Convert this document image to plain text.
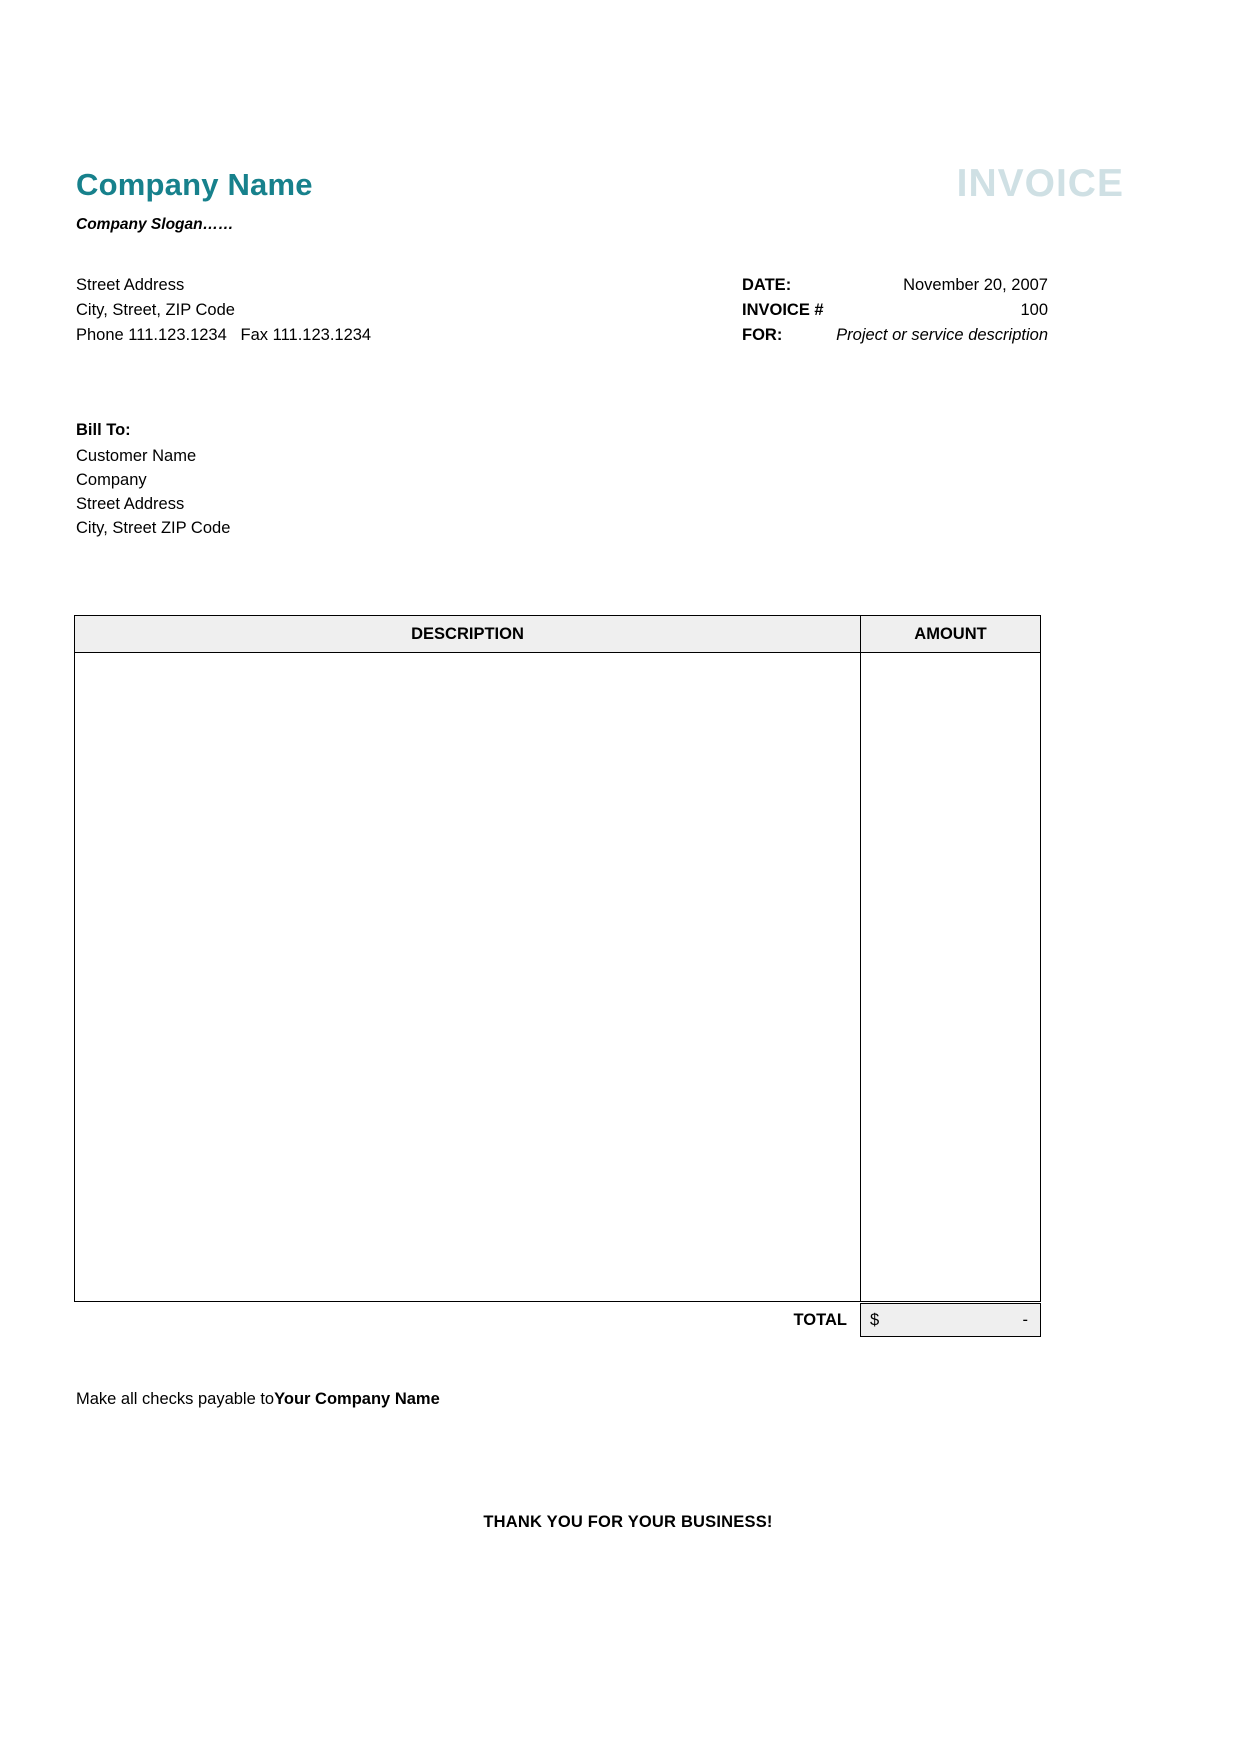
Company Name	INVOICE
Company Slogan……
Street Address
City, Street, ZIP Code
Phone 111.123.1234   Fax 111.123.1234
DATE:	November 20, 2007
INVOICE #	100
FOR:	Project or service description
Bill To:
Customer Name
Company
Street Address
City, Street ZIP Code
DESCRIPTION	AMOUNT
TOTAL	$	-
Make all checks payable toYour Company Name
THANK YOU FOR YOUR BUSINESS!
